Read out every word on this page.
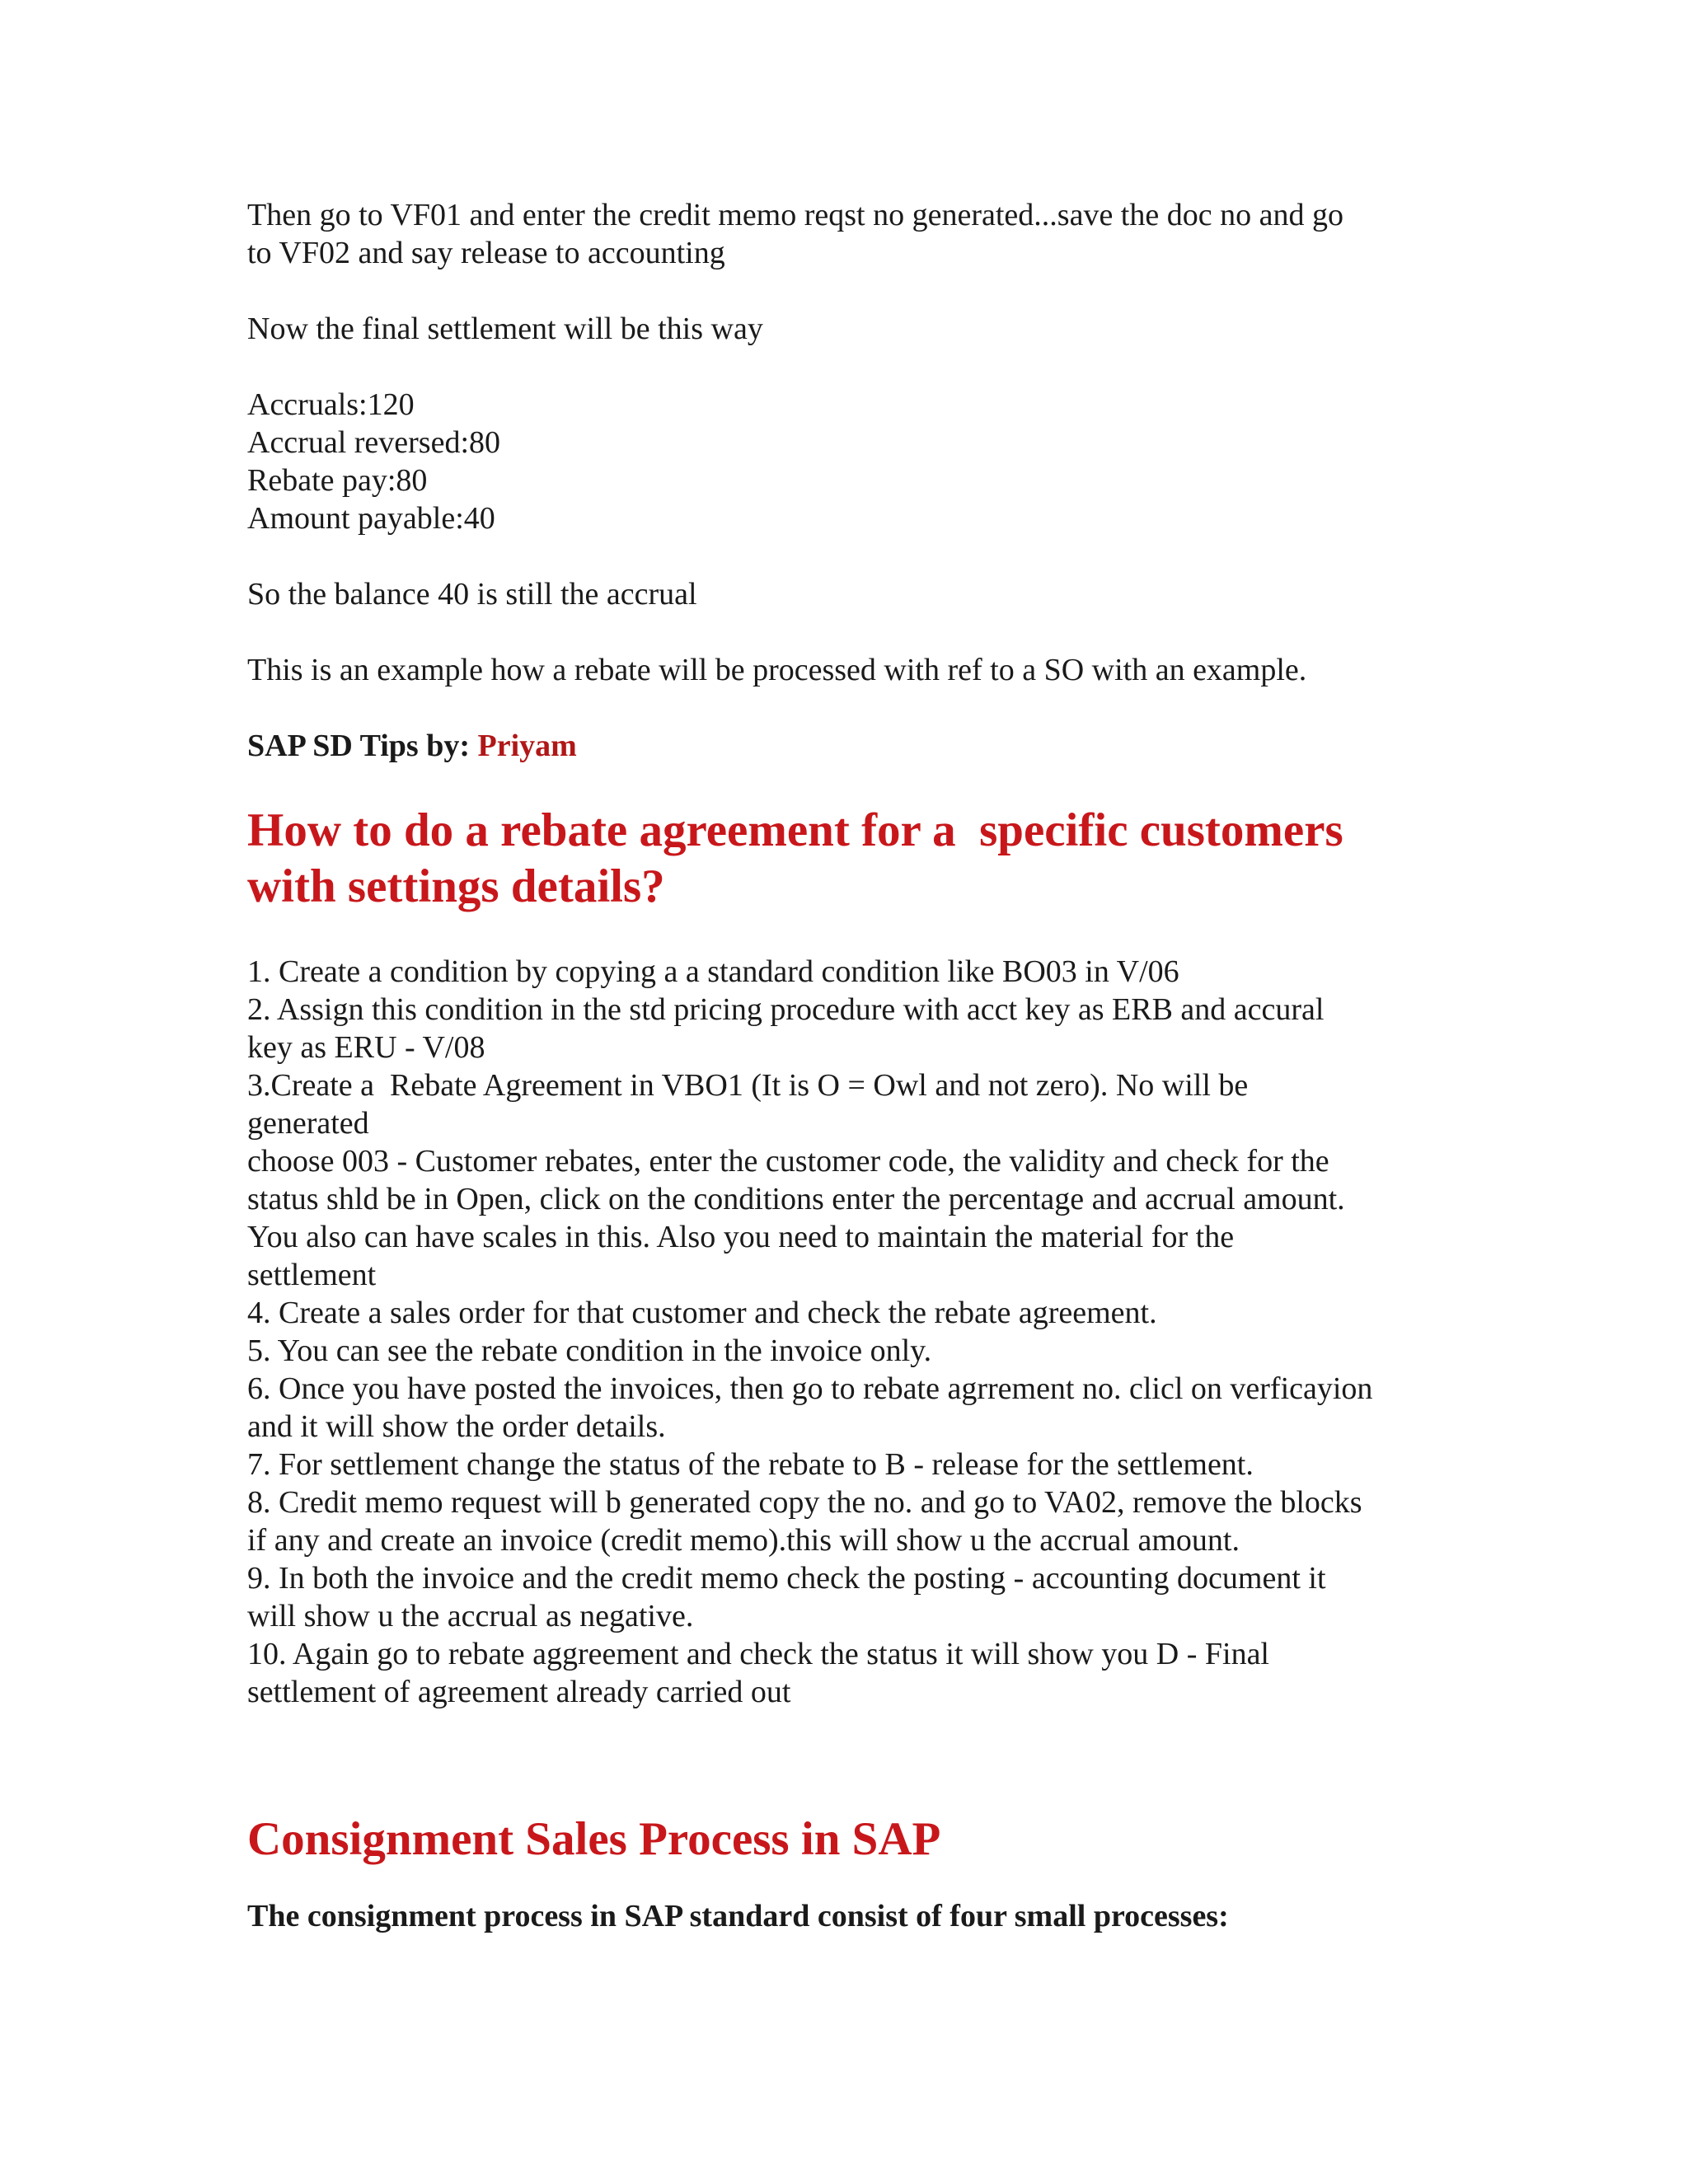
Then go to VF01 and enter the credit memo reqst no generated...save the doc no and go

to VF02 and say release to accounting

Now the final settlement will be this way

Accruals:120

Accrual reversed:80

Rebate pay:80

Amount payable:40

So the balance 40 is still the accrual

This is an example how a rebate will be processed with ref to a SO with an example.

SAP SD Tips by: Priyam

How to do a rebate agreement for a  specific customers
with settings details?

1. Create a condition by copying a a standard condition like BO03 in V/06

2. Assign this condition in the std pricing procedure with acct key as ERB and accural

key as ERU - V/08

3.Create a  Rebate Agreement in VBO1 (It is O = Owl and not zero). No will be

generated

choose 003 - Customer rebates, enter the customer code, the validity and check for the

status shld be in Open, click on the conditions enter the percentage and accrual amount.

You also can have scales in this. Also you need to maintain the material for the

settlement

4. Create a sales order for that customer and check the rebate agreement.

5. You can see the rebate condition in the invoice only.

6. Once you have posted the invoices, then go to rebate agrrement no. clicl on verficayion

and it will show the order details.

7. For settlement change the status of the rebate to B - release for the settlement.

8. Credit memo request will b generated copy the no. and go to VA02, remove the blocks

if any and create an invoice (credit memo).this will show u the accrual amount.

9. In both the invoice and the credit memo check the posting - accounting document it

will show u the accrual as negative.

10. Again go to rebate aggreement and check the status it will show you D - Final

settlement of agreement already carried out

Consignment Sales Process in SAP

The consignment process in SAP standard consist of four small processes:
